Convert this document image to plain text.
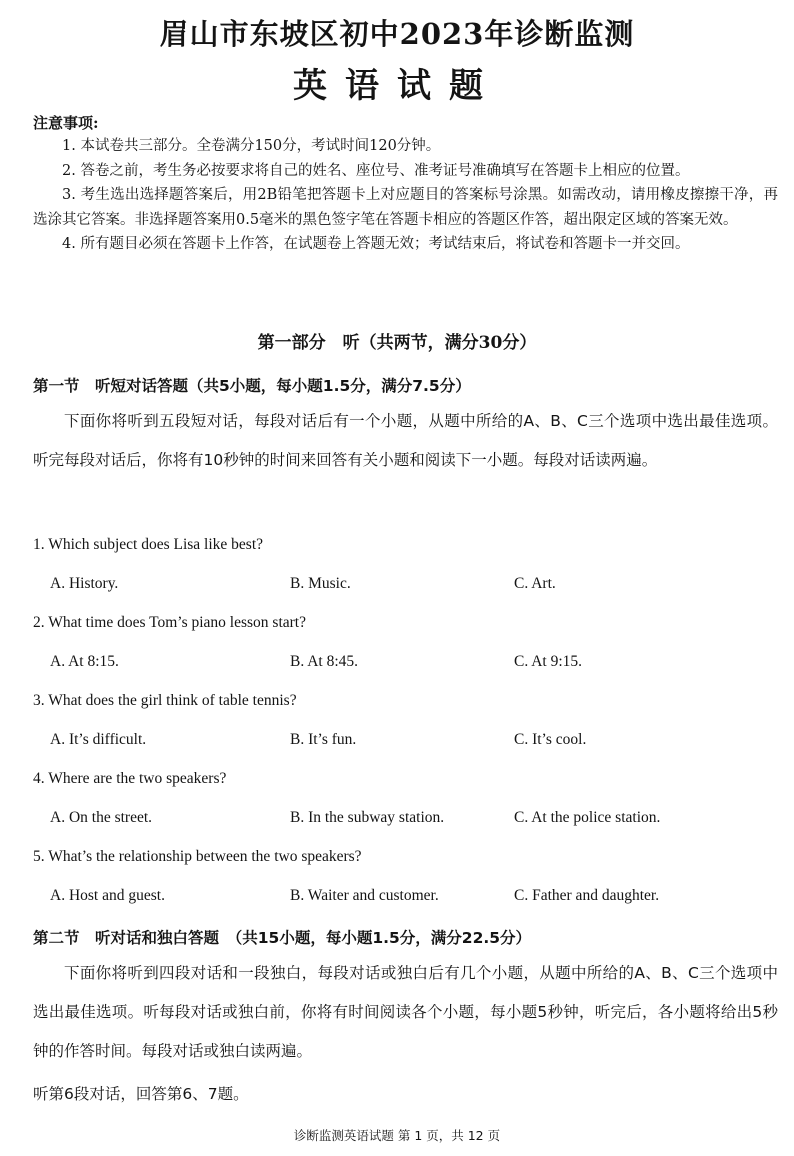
眉山市东坡区初中2023年诊断监测
英语试题
注意事项:

1. 本试卷共三部分。全卷满分150分，考试时间120分钟。

2. 答卷之前，考生务必按要求将自己的姓名、座位号、准考证号准确填写在答题卡上相应的位置。

3. 考生选出选择题答案后，用2B铅笔把答题卡上对应题目的答案标号涂黑。如需改动，请用橡皮擦擦干净，再选涂其它答案。非选择题答案用0.5毫米的黑色签字笔在答题卡相应的答题区作答，超出限定区域的答案无效。

4. 所有题目必须在答题卡上作答，在试题卷上答题无效；考试结束后，将试卷和答题卡一并交回。

第一部分　听（共两节，满分30分）
第一节　听短对话答题（共5小题，每小题1.5分，满分7.5分）

下面你将听到五段短对话，每段对话后有一个小题，从题中所给的A、B、C三个选项中选出最佳选项。听完每段对话后，你将有10秒钟的时间来回答有关小题和阅读下一小题。每段对话读两遍。

1. Which subject does Lisa like best?
A. History.	B. Music.	C. Art.
2. What time does Tom’s piano lesson start?
A. At 8:15.	B. At 8:45.	C. At 9:15.
3. What does the girl think of table tennis?
A. It’s difficult.	B. It’s fun.	C. It’s cool.
4. Where are the two speakers?
A. On the street.	B. In the subway station.	C. At the police station.
5. What’s the relationship between the two speakers?
A. Host and guest.	B. Waiter and customer.	C. Father and daughter.
第二节　听对话和独白答题　（共15小题，每小题1.5分，满分22.5分）

下面你将听到四段对话和一段独白，每段对话或独白后有几个小题，从题中所给的A、B、C三个选项中选出最佳选项。听每段对话或独白前，你将有时间阅读各个小题，每小题5秒钟，听完后，各小题将给出5秒钟的作答时间。每段对话或独白读两遍。

听第6段对话，回答第6、7题。
诊断监测英语试题 第 1 页，共 12 页
